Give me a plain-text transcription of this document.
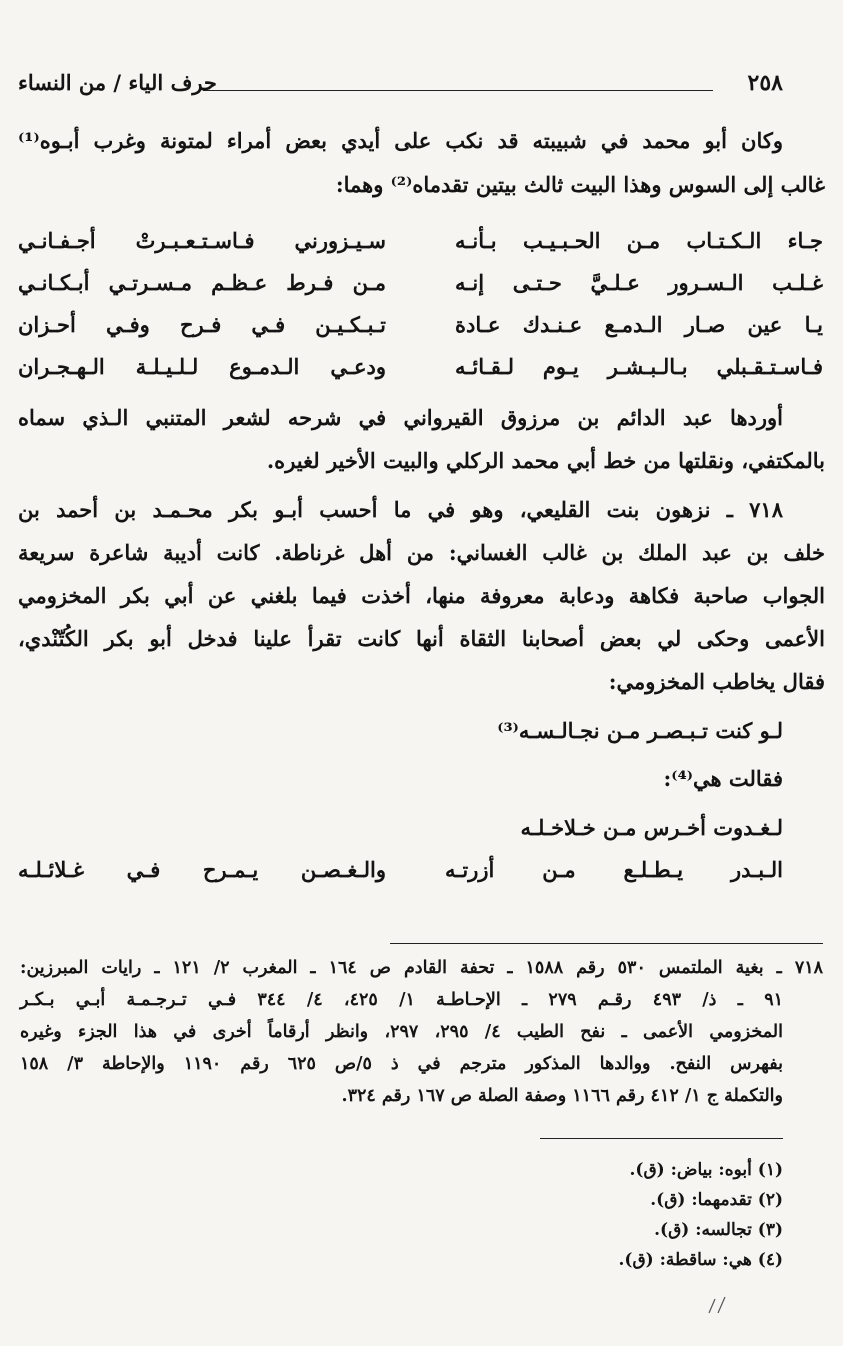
٢٥٨
حرف الياء / من النساء
وكان أبو محمد في شبيبته قد نكب على أيدي بعض أمراء لمتونة وغرب أبـوه⁽¹⁾
غالب إلى السوس وهذا البيت ثالث بيتين تقدماه⁽²⁾ وهما:
جـاء الـكـتـاب مـن الحـبـيـب بـأنـه
سـيـزورني فـاسـتـعـبـرتْ أجـفـانـي
غـلـب الـسـرور عـلـيَّ حـتـى إنـه
مـن فـرط عـظـم مـسـرتـي أبـكـانـي
يـا عين صـار الـدمـع عـنـدك عـادة
تـبـكـيـن فـي فـرح وفـي أحـزان
فـاسـتـقـبلي بـالـبـشـر يـوم لـقـائـه
ودعـي الـدمـوع لـلـيـلـة الـهـجـران
أوردها عبد الدائم بن مرزوق القيرواني في شرحه لشعر المتنبي الـذي سماه
بالمكتفي، ونقلتها من خط أبي محمد الركلي والبيت الأخير لغيره.
٧١٨ ـ نزهون بنت القليعي، وهو في ما أحسب أبـو بكر محـمـد بن أحمد بن
خلف بن عبد الملك بن غالب الغساني: من أهل غرناطة. كانت أديبة شاعرة سريعة
الجواب صاحبة فكاهة ودعابة معروفة منها، أخذت فيما بلغني عن أبي بكر المخزومي
الأعمى وحكى لي بعض أصحابنا الثقاة أنها كانت تقرأ علينا فدخل أبو بكر الكُتّنْدي،
فقال يخاطب المخزومي:
لـو كنت تـبـصـر مـن نجـالـسـه⁽³⁾
فقالت هي⁽⁴⁾:
لـغـدوت أخـرس مـن خـلاخـلـه
الـبـدر يـطـلـع مـن أزرتـه
والـغـصـن يـمـرح فـي غـلائـلـه
٧١٨ ـ بغية الملتمس ٥٣٠ رقم ١٥٨٨ ـ تحفة القادم ص ١٦٤ ـ المغرب ٢/ ١٢١ ـ رايات المبرزين:
٩١ ـ ذ/ ٤٩٣ رقـم ٢٧٩ ـ الإحـاطـة ١/ ٤٢٥، ٤/ ٣٤٤ فـي تـرجـمـة أبـي بـكـر
المخزومي الأعمى ـ نفح الطيب ٤/ ٢٩٥، ٢٩٧، وانظر أرقاماً أخرى في هذا الجزء وغيره
بفهرس النفح. ووالدها المذكور مترجم في ذ ٥/ص ٦٢٥ رقم ١١٩٠ والإحاطة ٣/ ١٥٨
والتكملة ج ١/ ٤١٢ رقم ١١٦٦ وصفة الصلة ص ١٦٧ رقم ٣٢٤.
(١) أبوه: بياض: (ق).
(٢) تقدمهما: (ق).
(٣) تجالسه: (ق).
(٤) هي: ساقطة: (ق).
